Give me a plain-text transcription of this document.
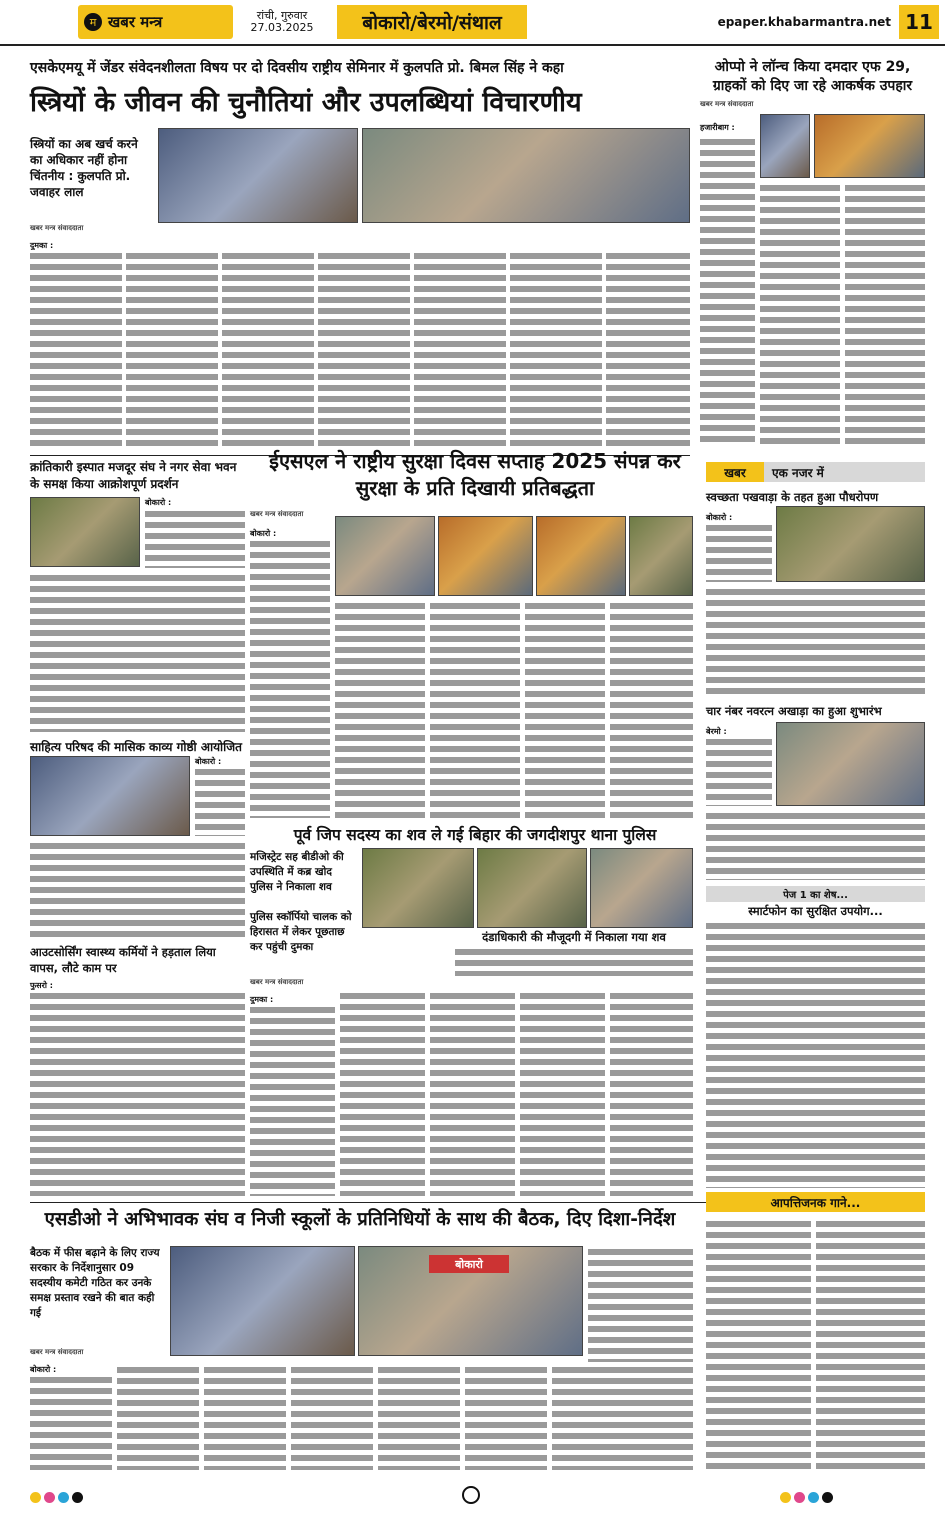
म खबर मन्त्र	रांची, गुरुवार
27.03.2025	बोकारो/बेरमो/संथाल	epaper.khabarmantra.net 11
एसकेएमयू में जेंडर संवेदनशीलता विषय पर दो दिवसीय राष्ट्रीय सेमिनार में कुलपति प्रो. बिमल सिंह ने कहा
स्त्रियों के जीवन की चुनौतियां और उपलब्धियां विचारणीय
स्त्रियों का अब खर्च करने का अधिकार नहीं होना चिंतनीय : कुलपति प्रो. जवाहर लाल
खबर मन्त्र संवाददाता
दुमका :
ओप्पो ने लॉन्च किया दमदार एफ 29, ग्राहकों को दिए जा रहे आकर्षक उपहार
खबर मन्त्र संवाददाता
हजारीबाग :
क्रांतिकारी इस्पात मजदूर संघ ने नगर सेवा भवन के समक्ष किया आक्रोशपूर्ण प्रदर्शन
बोकारो :
ईएसएल ने राष्ट्रीय सुरक्षा दिवस सप्ताह 2025 संपन्न कर सुरक्षा के प्रति दिखायी प्रतिबद्धता
खबर मन्त्र संवाददाता
बोकारो :
खबर	एक नजर में
स्वच्छता पखवाड़ा के तहत हुआ पौधरोपण
बोकारो :
चार नंबर नवरत्न अखाड़ा का हुआ शुभारंभ
बेरमो :
साहित्य परिषद की मासिक काव्य गोष्ठी आयोजित
बोकारो :
पूर्व जिप सदस्य का शव ले गई बिहार की जगदीशपुर थाना पुलिस
मजिस्ट्रेट सह बीडीओ की उपस्थिति में कब्र खोद पुलिस ने निकाला शव
पुलिस स्कॉर्पियो चालक को हिरासत में लेकर पूछताछ कर पहुंची दुमका
दंडाधिकारी की मौजूदगी में निकाला गया शव
खबर मन्त्र संवाददाता
दुमका :
आउटसोर्सिंग स्वास्थ्य कर्मियों ने हड़ताल लिया वापस, लौटे काम पर
फुसरो :
पेज 1 का शेष...
स्मार्टफोन का सुरक्षित उपयोग...
एसडीओ ने अभिभावक संघ व निजी स्कूलों के प्रतिनिधियों के साथ की बैठक, दिए दिशा-निर्देश
बैठक में फीस बढ़ाने के लिए राज्य सरकार के निर्देशानुसार 09 सदस्यीय कमेटी गठित कर उनके समक्ष प्रस्ताव रखने की बात कही गई
खबर मन्त्र संवाददाता
बोकारो
बोकारो :
आपत्तिजनक गाने...
